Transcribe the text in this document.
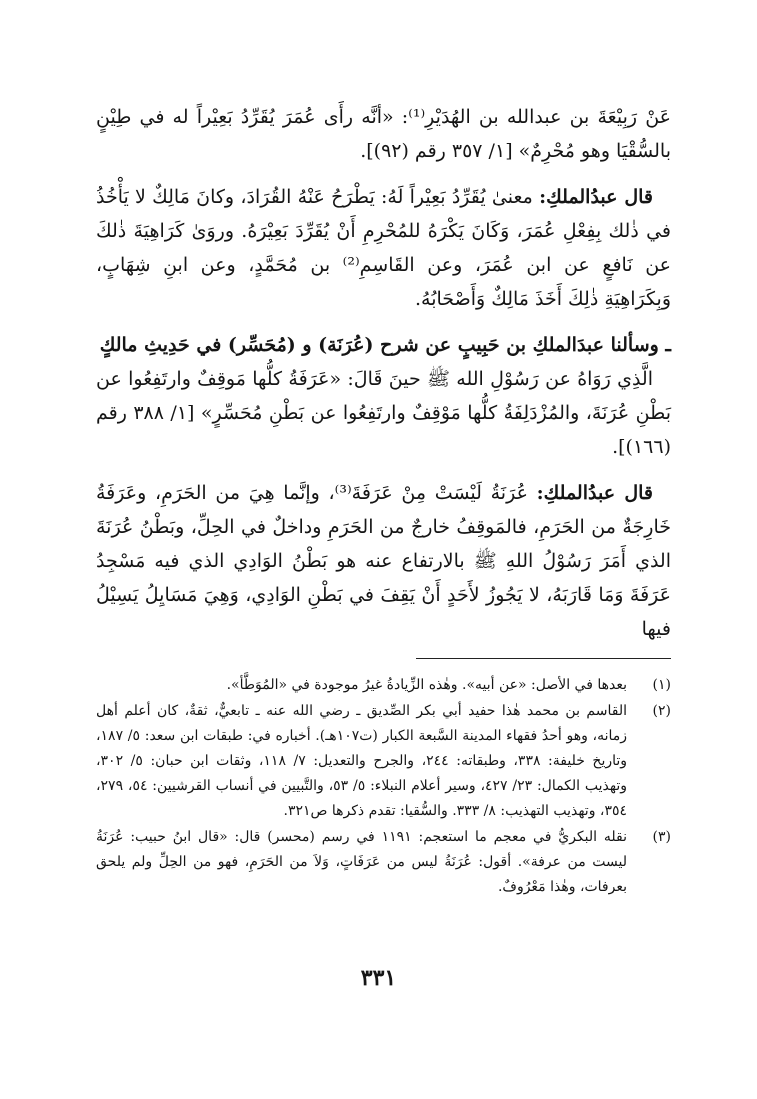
عَنْ رَبِيْعَةَ بن عبدالله بن الهُدَيْرِ⁽¹⁾: «أنَّه رأَى عُمَرَ يُقَرِّدُ بَعِيْراً له في طِيْنٍ بالسُّقْيَا وهو مُحْرِمٌ» [١/ ٣٥٧ رقم (٩٢)].

قال عبدُالملكِ: معنىٰ يُقَرِّدُ بَعِيْراً لَهُ: يَطْرَحُ عَنْهُ القُرَادَ، وكانَ مَالِكٌ لا يَأْخُذُ في ذٰلك بِفِعْلِ عُمَرَ، وَكَانَ يَكْرَهُ للمُحْرِمِ أَنْ يُقَرِّدَ بَعِيْرَهُ. وروَىٰ كَرَاهِيَةَ ذٰلكَ عن نَافعٍ عن ابن عُمَرَ، وعن القَاسِمِ⁽²⁾ بن مُحَمَّدٍ، وعن ابنِ شِهَابٍ، وَبِكَرَاهِيَةِ ذٰلِكَ أَخَذَ مَالِكٌ وَأَصْحَابُهُ.

ـ وسألنا عبدَالملكِ بن حَبِيبٍ عن شرح (عُرَنَة) و (مُحَسِّر) في حَدِيثِ مالكٍ

الَّذِي رَوَاهُ عن رَسُوْلِ الله ﷺ حينَ قَالَ: «عَرَفَةُ كلُّها مَوقِفٌ وارتَفِعُوا عن بَطْنِ عُرَنَةَ، والمُزْدَلِفَةُ كلُّها مَوْقِفٌ وارتَفِعُوا عن بَطْنِ مُحَسِّرٍ» [١/ ٣٨٨ رقم (١٦٦)].

قال عبدُالملكِ: عُرَنَةُ لَيْسَتْ مِنْ عَرَفَةَ⁽³⁾، وإنَّما هِيَ من الحَرَمِ، وعَرَفَةُ خَارِجَةٌ من الحَرَمِ، فالمَوقِفُ خارجٌ من الحَرَمِ وداخلٌ في الحِلِّ، وبَطْنُ عُرَنَةَ الذي أَمَرَ رَسُوْلُ اللهِ ﷺ بالارتفاع عنه هو بَطْنُ الوَادِي الذي فيه مَسْجِدُ عَرَفَةَ وَمَا قَارَبَهُ، لا يَجُوزُ لأَحَدٍ أَنْ يَقِفَ في بَطْنِ الوَادِي، وَهِيَ مَسَايِلُ يَسِيْلُ فيها

(١)
بعدها في الأصل: «عن أبيه». وهٰذه الزِّيادةُ غيرُ موجودة في «المُوَطَّأ».
(٢)
القاسم بن محمد هٰذا حفيد أبي بكر الصِّديق ـ رضي الله عنه ـ تابعيٌّ، ثقةٌ، كان أعلم أهل زمانه، وهو أحدُ فقهاء المدينة السَّبعة الكبار (ت١٠٧هـ). أخباره في: طبقات ابن سعد: ٥/ ١٨٧، وتاريخ خليفة: ٣٣٨، وطبقاته: ٢٤٤، والجرح والتعديل: ٧/ ١١٨، وثقات ابن حبان: ٥/ ٣٠٢، وتهذيب الكمال: ٢٣/ ٤٢٧، وسير أعلام النبلاء: ٥/ ٥٣، والتَّبيين في أنساب القرشيين: ٥٤، ٢٧٩، ٣٥٤، وتهذيب التهذيب: ٨/ ٣٣٣. والسُّقيا: تقدم ذكرها ص٣٢١.
(٣)
نقله البكريُّ في معجم ما استعجم: ١١٩١ في رسم (محسر) قال: «قال ابنُ حبيب: عُرَنَةُ ليست من عرفة». أقول: عُرَنَةُ ليس من عَرَفَاتٍ، وَلاَ من الحَرَمِ، فهو من الحِلِّ ولم يلحق بعرفات، وهٰذا مَعْرُوفٌ.
٣٣١
